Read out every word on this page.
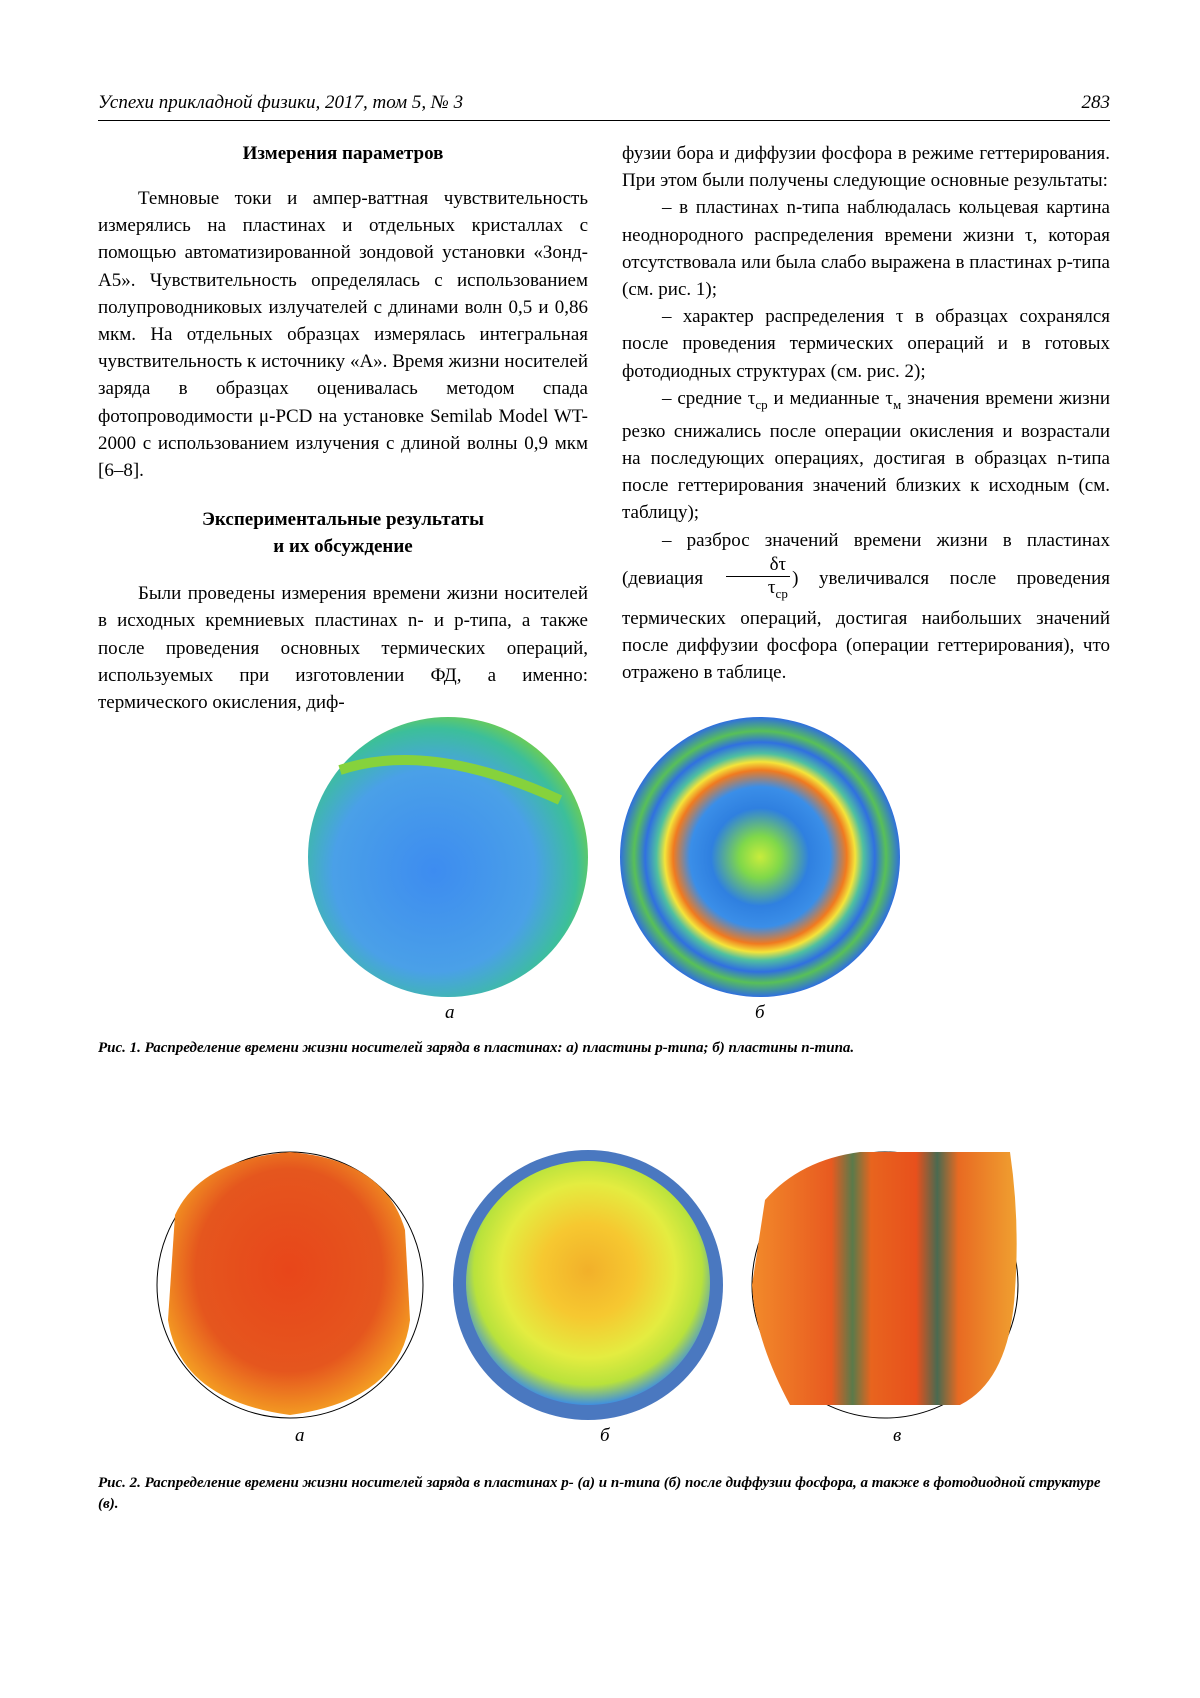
Успехи прикладной физики, 2017, том 5, № 3	283
Измерения параметров

Темновые токи и ампер-ваттная чувствительность измерялись на пластинах и отдельных кристаллах с помощью автоматизированной зондовой установки «Зонд-А5». Чувствительность определялась с использованием полупроводниковых излучателей с длинами волн 0,5 и 0,86 мкм. На отдельных образцах измерялась интегральная чувствительность к источнику «А». Время жизни носителей заряда в образцах оценивалась методом спада фотопроводимости μ-PCD на установке Semilab Model WT-2000 с использованием излучения с длиной волны 0,9 мкм [6–8].

Экспериментальные результаты
и их обсуждение

Были проведены измерения времени жизни носителей в исходных кремниевых пластинах n- и p-типа, а также после проведения основных термических операций, используемых при изготовлении ФД, а именно: термического окисления, диф-

фузии бора и диффузии фосфора в режиме геттерирования. При этом были получены следующие основные результаты:

– в пластинах n-типа наблюдалась кольцевая картина неоднородного распределения времени жизни τ, которая отсутствовала или была слабо выражена в пластинах p-типа (см. рис. 1);

– характер распределения τ в образцах сохранялся после проведения термических операций и в готовых фотодиодных структурах (см. рис. 2);

– средние $\tau_{ср}$ и медианные $\tau_м$ значения времени жизни резко снижались после операции окисления и возрастали на последующих операциях, достигая в образцах n-типа после геттерирования значений близких к исходным (см. таблицу);

– разброс значений времени жизни в пластинах (девиация $\frac{\delta\tau}{\tau_{ср}}$ ) увеличивался после проведения термических операций, достигая наибольших значений после диффузии фосфора (операции геттерирования), что отражено в таблице.

а	б
Рис. 1. Распределение времени жизни носителей заряда в пластинах: а) пластины p-типа; б) пластины n-типа.
а	б	в
Рис. 2. Распределение времени жизни носителей заряда в пластинах p- (а) и n-типа (б) после диффузии фосфора, а также в фотодиодной структуре (в).
